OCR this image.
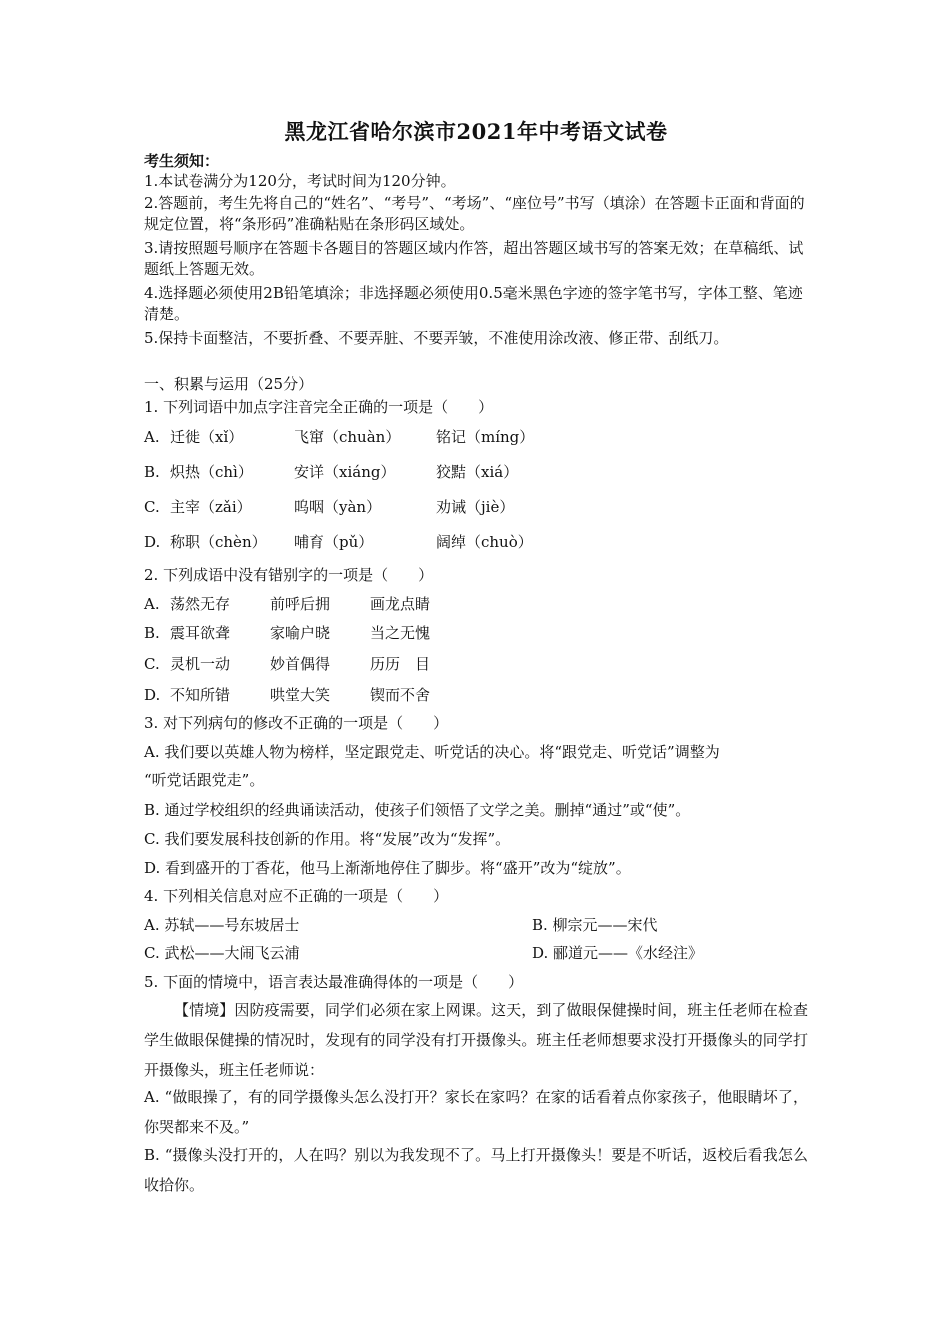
黑龙江省哈尔滨市2021年中考语文试卷
考生须知：
1.本试卷满分为120分，考试时间为120分钟。
2.答题前，考生先将自己的“姓名”、“考号”、“考场”、“座位号”书写（填涂）在答题卡正面和背面的规定位置，将“条形码”准确粘贴在条形码区域处。
3.请按照题号顺序在答题卡各题目的答题区域内作答，超出答题区域书写的答案无效；在草稿纸、试题纸上答题无效。
4.选择题必须使用2B铅笔填涂；非选择题必须使用0.5毫米黑色字迹的签字笔书写，字体工整、笔迹清楚。
5.保持卡面整洁，不要折叠、不要弄脏、不要弄皱，不准使用涂改液、修正带、刮纸刀。
一、积累与运用（25分）
1. 下列词语中加点字注音完全正确的一项是（　　）
A. 迁徙（xǐ）	飞窜（chuàn） 铭记（míng）
B. 炽热（chì）	安详（xiáng）	狡黠（xiá）
C. 主宰（zǎi）	呜咽（yàn）	劝诫（jiè）
D. 称职（chèn） 哺育（pǔ）	阔绰（chuò）
2. 下列成语中没有错别字的一项是（　　）
A. 荡然无存	前呼后拥	画龙点睛
B. 震耳欲聋	家喻户晓	当之无愧
C. 灵机一动	妙首偶得	历历　目
D. 不知所错	哄堂大笑	锲而不舍
3. 对下列病句的修改不正确的一项是（　　）
A. 我们要以英雄人物为榜样，坚定跟党走、听党话的决心。将“跟党走、听党话”调整为
“听党话跟党走”。
B. 通过学校组织的经典诵读活动，使孩子们领悟了文学之美。删掉“通过”或“使”。
C. 我们要发展科技创新的作用。将“发展”改为“发挥”。
D. 看到盛开的丁香花，他马上渐渐地停住了脚步。将“盛开”改为“绽放”。
4. 下列相关信息对应不正确的一项是（　　）
A. 苏轼——号东坡居士	B. 柳宗元——宋代
C. 武松——大闹飞云浦	D. 郦道元——《水经注》
5. 下面的情境中，语言表达最准确得体的一项是（　　）
【情境】因防疫需要，同学们必须在家上网课。这天，到了做眼保健操时间，班主任老师在检查学生做眼保健操的情况时，发现有的同学没有打开摄像头。班主任老师想要求没打开摄像头的同学打开摄像头，班主任老师说：
A. “做眼操了，有的同学摄像头怎么没打开？家长在家吗？在家的话看着点你家孩子，他眼睛坏了，你哭都来不及。”
B. “摄像头没打开的，人在吗？别以为我发现不了。马上打开摄像头！要是不听话，返校后看我怎么收拾你。
